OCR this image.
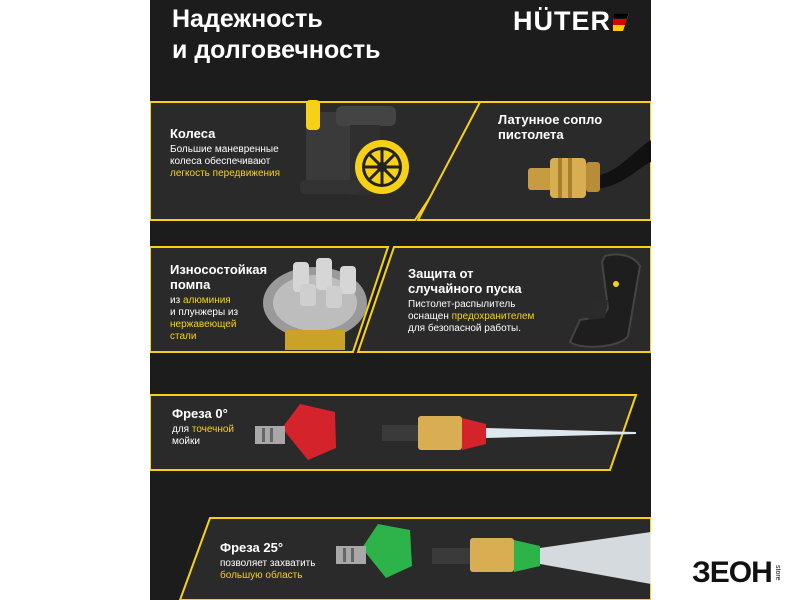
Надежность
и долговечность
HÜTER

Колеса

Большие маневренные
колеса обеспечивают
легкость передвижения

Латунное сопло
пистолета

Износостойкая
помпа

из алюминия
и плунжеры из
нержавеющей
стали

Защита от
случайного пуска

Пистолет-распылитель
оснащен предохранителем
для безопасной работы.

Фреза 0°

для точечной
мойки

Фреза 25°

позволяет захватить
большую область	ЗЕОН store
